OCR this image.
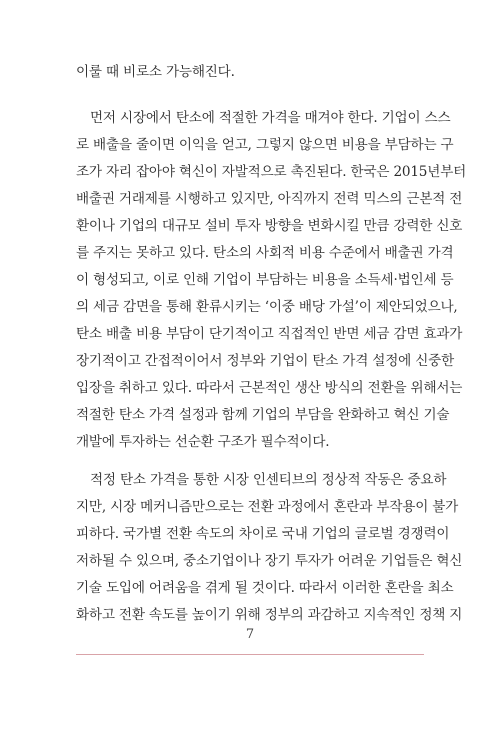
이룰 때 비로소 가능해진다.
먼저 시장에서 탄소에 적절한 가격을 매겨야 한다. 기업이 스스
로 배출을 줄이면 이익을 얻고, 그렇지 않으면 비용을 부담하는 구
조가 자리 잡아야 혁신이 자발적으로 촉진된다. 한국은 2015년부터
배출권 거래제를 시행하고 있지만, 아직까지 전력 믹스의 근본적 전
환이나 기업의 대규모 설비 투자 방향을 변화시킬 만큼 강력한 신호
를 주지는 못하고 있다. 탄소의 사회적 비용 수준에서 배출권 가격
이 형성되고, 이로 인해 기업이 부담하는 비용을 소득세·법인세 등
의 세금 감면을 통해 환류시키는 ‘이중 배당 가설’이 제안되었으나,
탄소 배출 비용 부담이 단기적이고 직접적인 반면 세금 감면 효과가
장기적이고 간접적이어서 정부와 기업이 탄소 가격 설정에 신중한
입장을 취하고 있다. 따라서 근본적인 생산 방식의 전환을 위해서는
적절한 탄소 가격 설정과 함께 기업의 부담을 완화하고 혁신 기술
개발에 투자하는 선순환 구조가 필수적이다.
적정 탄소 가격을 통한 시장 인센티브의 정상적 작동은 중요하
지만, 시장 메커니즘만으로는 전환 과정에서 혼란과 부작용이 불가
피하다. 국가별 전환 속도의 차이로 국내 기업의 글로벌 경쟁력이
저하될 수 있으며, 중소기업이나 장기 투자가 어려운 기업들은 혁신
기술 도입에 어려움을 겪게 될 것이다. 따라서 이러한 혼란을 최소
화하고 전환 속도를 높이기 위해 정부의 과감하고 지속적인 정책 지
7
